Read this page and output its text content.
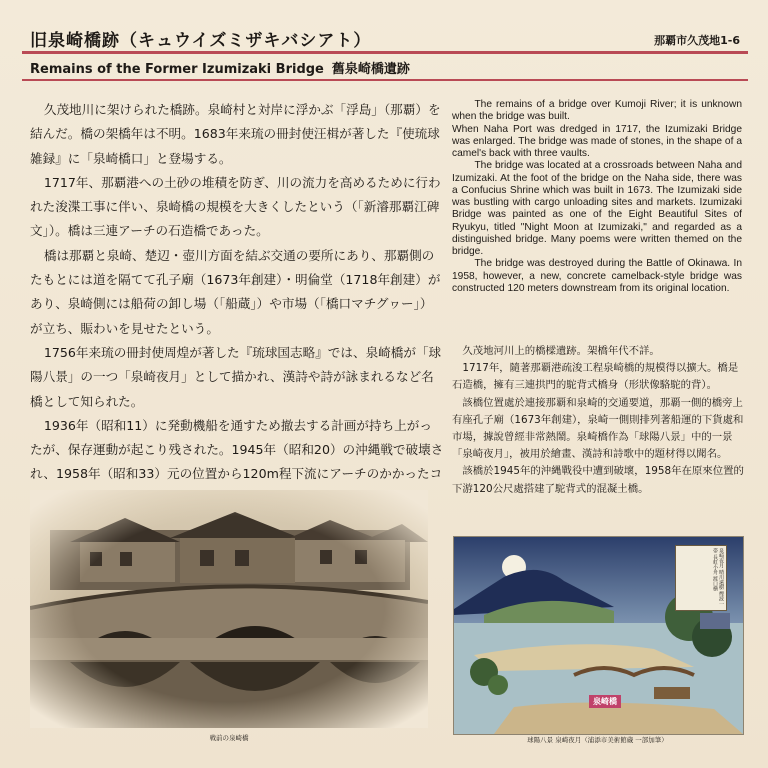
旧泉崎橋跡（キュウイズミザキバシアト）	那覇市久茂地1-6
Remains of the Former Izumizaki Bridge 舊泉崎橋遺跡

久茂地川に架けられた橋跡。泉崎村と対岸に浮かぶ「浮島」（那覇）を結んだ。橋の架橋年は不明。1683年来琉の冊封使汪楫が著した『使琉球雑録』に「泉崎橋口」と登場する。

1717年、那覇港への土砂の堆積を防ぎ、川の流力を高めるために行われた浚渫工事に伴い、泉崎橋の規模を大きくしたという（「新濬那覇江碑文」）。橋は三連アーチの石造橋であった。

橋は那覇と泉崎、楚辺・壺川方面を結ぶ交通の要所にあり、那覇側のたもとには道を隔てて孔子廟（1673年創建）・明倫堂（1718年創建）があり、泉崎側には船荷の卸し場（「船蔵」）や市場（「橋口マチグヮー」）が立ち、賑わいを見せたという。

1756年来琉の冊封使周煌が著した『琉球国志略』では、泉崎橋が「球陽八景」の一つ「泉崎夜月」として描かれ、漢詩や詩が詠まれるなど名橋として知られた。

1936年（昭和11）に発動機船を通すため撤去する計画が持ち上がったが、保存運動が起こり残された。1945年（昭和20）の沖縄戦で破壊され、1958年（昭和33）元の位置から120m程下流にアーチのかかったコ

The remains of a bridge over Kumoji River; it is unknown when the bridge was built.

When Naha Port was dredged in 1717, the Izumizaki Bridge was enlarged. The bridge was made of stones, in the shape of a camel's back with three vaults.

The bridge was located at a crossroads between Naha and Izumizaki. At the foot of the bridge on the Naha side, there was a Confucius Shrine which was built in 1673. The Izumizaki side was bustling with cargo unloading sites and markets. Izumizaki Bridge was painted as one of the Eight Beautiful Sites of Ryukyu, titled "Night Moon at Izumizaki," and regarded as a distinguished bridge. Many poems were written themed on the bridge.

The bridge was destroyed during the Battle of Okinawa. In 1958, however, a new, concrete camelback-style bridge was constructed 120 meters downstream from its original location.

久茂地河川上的橋樑遺跡。架橋年代不詳。

1717年，隨著那覇港疏浚工程泉崎橋的規模得以擴大。橋是石造橋，擁有三連拱門的駝背式橋身（形狀像駱駝的背）。

該橋位置處於連接那覇和泉崎的交通要道，那覇一側的橋旁上有座孔子廟（1673年創建），泉崎一側則排列著船運的下貨處和市場，據說曾經非常熱鬧。泉崎橋作為「球陽八景」中的一景「泉崎夜月」，被用於繪畫、漢詩和詩歌中的題材得以聞名。

該橋於1945年的沖縄戰役中遭到破壞，1958年在原來位置的下游120公尺處搭建了駝背式的混凝土橋。

戦前の泉崎橋
泉崎夜月 晴川遠樹 煙波一帯 長虹小舟 渡口横
泉崎橋
球陽八景 泉崎夜月（浦添市美術館蔵 一部加筆）
